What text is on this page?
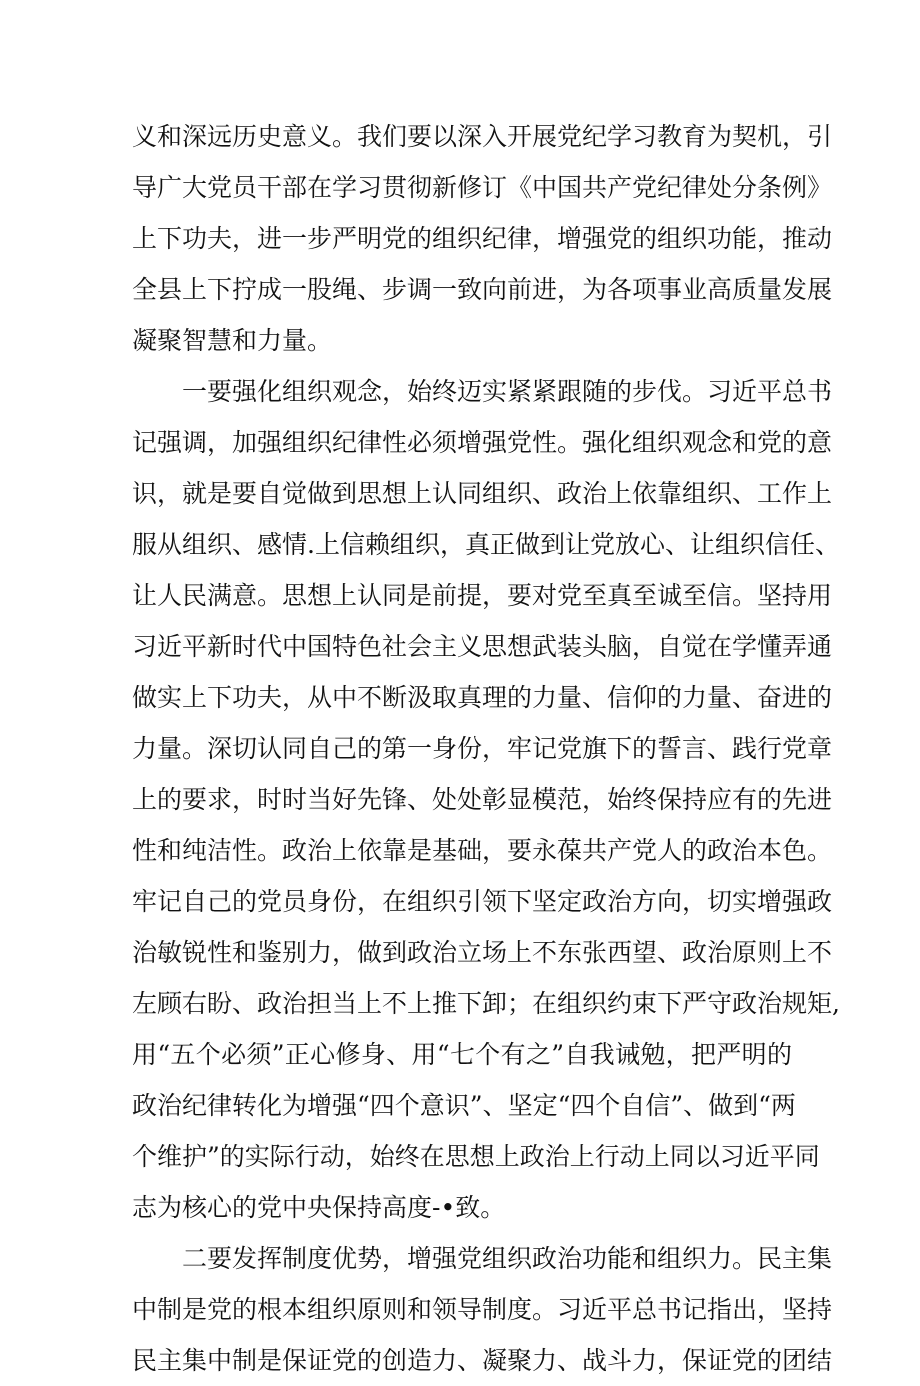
义和深远历史意义。我们要以深入开展党纪学习教育为契机，引
导广大党员干部在学习贯彻新修订《中国共产党纪律处分条例》
上下功夫，进一步严明党的组织纪律，增强党的组织功能，推动
全县上下拧成一股绳、步调一致向前进，为各项事业高质量发展
凝聚智慧和力量。
一要强化组织观念，始终迈实紧紧跟随的步伐。习近平总书
记强调，加强组织纪律性必须增强党性。强化组织观念和党的意
识，就是要自觉做到思想上认同组织、政治上依靠组织、工作上
服从组织、感情.上信赖组织，真正做到让党放心、让组织信任、
让人民满意。思想上认同是前提，要对党至真至诚至信。坚持用
习近平新时代中国特色社会主义思想武装头脑，自觉在学懂弄通
做实上下功夫，从中不断汲取真理的力量、信仰的力量、奋进的
力量。深切认同自己的第一身份，牢记党旗下的誓言、践行党章
上的要求，时时当好先锋、处处彰显模范，始终保持应有的先进
性和纯洁性。政治上依靠是基础，要永葆共产党人的政治本色。
牢记自己的党员身份，在组织引领下坚定政治方向，切实增强政
治敏锐性和鉴别力，做到政治立场上不东张西望、政治原则上不
左顾右盼、政治担当上不上推下卸；在组织约束下严守政治规矩,
用“五个必须”正心修身、用“七个有之”自我诫勉，把严明的
政治纪律转化为增强“四个意识”、坚定“四个自信”、做到“两
个维护”的实际行动，始终在思想上政治上行动上同以习近平同
志为核心的党中央保持高度-•致。
二要发挥制度优势，增强党组织政治功能和组织力。民主集
中制是党的根本组织原则和领导制度。习近平总书记指出，坚持
民主集中制是保证党的创造力、凝聚力、战斗力，保证党的团结
